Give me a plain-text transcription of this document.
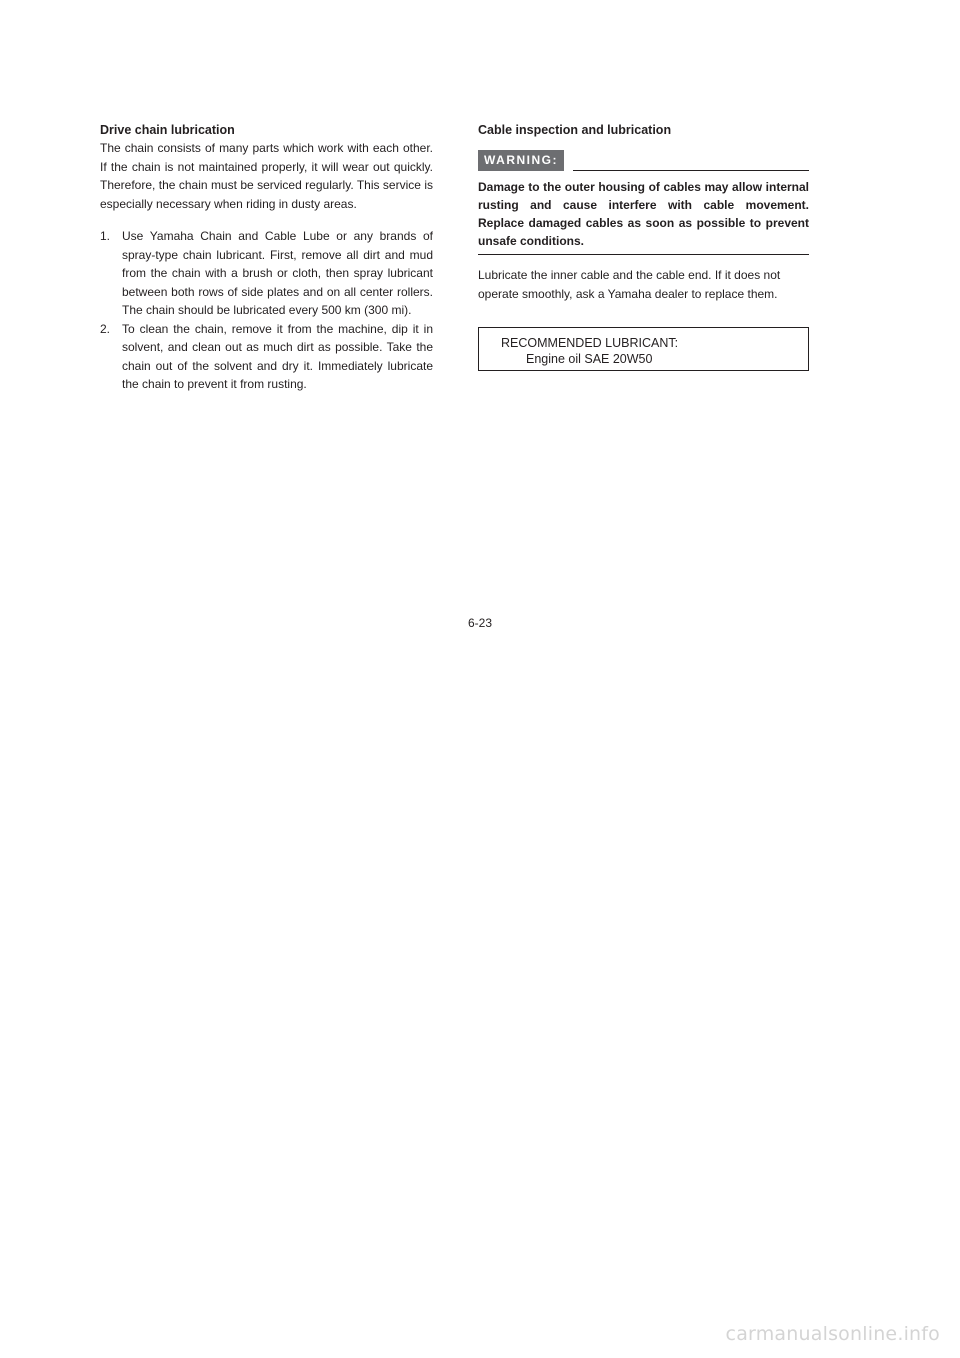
Drive chain lubrication

The chain consists of many parts which work with each other. If the chain is not maintained properly, it will wear out quickly. Therefore, the chain must be serviced regularly. This service is especially necessary when riding in dusty areas.

1. Use Yamaha Chain and Cable Lube or any brands of spray-type chain lubricant. First, remove all dirt and mud from the chain with a brush or cloth, then spray lubricant between both rows of side plates and on all center rollers. The chain should be lubricated every 500 km (300 mi).
2. To clean the chain, remove it from the machine, dip it in solvent, and clean out as much dirt as possible. Take the chain out of the solvent and dry it. Immediately lubricate the chain to prevent it from rusting.

Cable inspection and lubrication

WARNING:

Damage to the outer housing of cables may allow internal rusting and cause interfere with cable movement. Replace damaged cables as soon as possible to prevent unsafe conditions.

Lubricate the inner cable and the cable end. If it does not operate smoothly, ask a Yamaha dealer to replace them.

RECOMMENDED LUBRICANT:
Engine oil SAE 20W50
6-23
carmanualsonline.info
